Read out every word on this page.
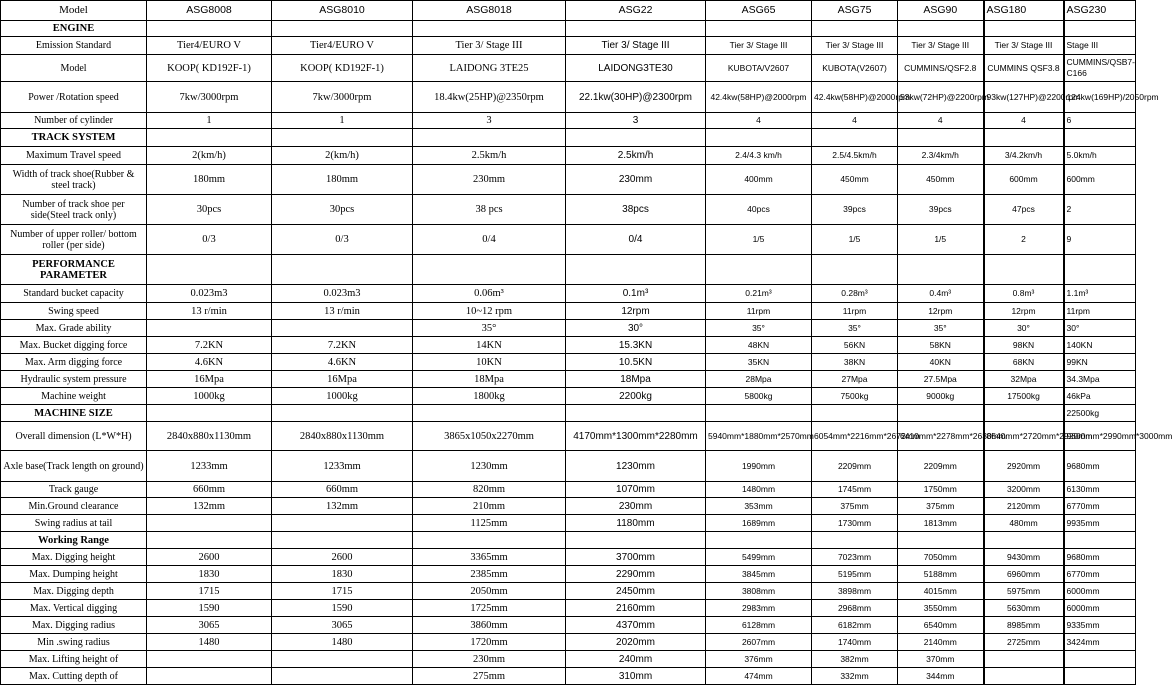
Model	ASG8008	ASG8010	ASG8018	ASG22	ASG65	ASG75	ASG90	ASG180	ASG230
ENGINE									
Emission Standard	Tier4/EURO V	Tier4/EURO V	Tier 3/ Stage III	Tier 3/ Stage III	Tier 3/ Stage III	Tier 3/ Stage III	Tier 3/ Stage III	Tier 3/ Stage III	Stage III
Model	KOOP( KD192F-1)	KOOP( KD192F-1)	LAIDONG 3TE25	LAIDONG3TE30	KUBOTA/V2607	KUBOTA(V2607)	CUMMINS/QSF2.8	CUMMINS QSF3.8	CUMMINS/QSB7-C166
Power /Rotation speed	7kw/3000rpm	7kw/3000rpm	18.4kw(25HP)@2350rpm	22.1kw(30HP)@2300rpm	42.4kw(58HP)@2000rpm	42.4kw(58HP)@2000rpm	53kw(72HP)@2200rpm	93kw(127HP)@2200rpm	124kw(169HP)/2050rpm
Number of cylinder	1	1	3	3	4	4	4	4	6
TRACK SYSTEM									
Maximum Travel speed	2(km/h)	2(km/h)	2.5km/h	2.5km/h	2.4/4.3 km/h	2.5/4.5km/h	2.3/4km/h	3/4.2km/h	5.0km/h
Width of track shoe(Rubber & steel track)	180mm	180mm	230mm	230mm	400mm	450mm	450mm	600mm	600mm
Number of track shoe per side(Steel track only)	30pcs	30pcs	38 pcs	38pcs	40pcs	39pcs	39pcs	47pcs	2
Number of upper roller/ bottom roller (per side)	0/3	0/3	0/4	0/4	1/5	1/5	1/5	2	9
PERFORMANCE PARAMETER									
Standard bucket capacity	0.023m3	0.023m3	0.06m³	0.1m³	0.21m³	0.28m³	0.4m³	0.8m³	1.1m³
Swing speed	13 r/min	13 r/min	10~12 rpm	12rpm	11rpm	11rpm	12rpm	12rpm	11rpm
Max. Grade ability			35°	30°	35°	35°	35°	30°	30°
Max. Bucket digging force	7.2KN	7.2KN	14KN	15.3KN	48KN	56KN	58KN	98KN	140KN
Max. Arm digging force	4.6KN	4.6KN	10KN	10.5KN	35KN	38KN	40KN	68KN	99KN
Hydraulic system pressure	16Mpa	16Mpa	18Mpa	18Mpa	28Mpa	27Mpa	27.5Mpa	32Mpa	34.3Mpa
Machine weight	1000kg	1000kg	1800kg	2200kg	5800kg	7500kg	9000kg	17500kg	46kPa
MACHINE SIZE									22500kg
Overall dimension (L*W*H)	2840x880x1130mm	2840x880x1130mm	3865x1050x2270mm	4170mm*1300mm*2280mm	5940mm*1880mm*2570mm	6054mm*2216mm*2672mm	6410mm*2278mm*2630mm	8540mm*2720mm*2920mm	9600mm*2990mm*3000mm
Axle base(Track length on ground)	1233mm	1233mm	1230mm	1230mm	1990mm	2209mm	2209mm	2920mm	9680mm
Track gauge	660mm	660mm	820mm	1070mm	1480mm	1745mm	1750mm	3200mm	6130mm
Min.Ground clearance	132mm	132mm	210mm	230mm	353mm	375mm	375mm	2120mm	6770mm
Swing radius at tail			1125mm	1180mm	1689mm	1730mm	1813mm	480mm	9935mm
Working Range									
Max. Digging height	2600	2600	3365mm	3700mm	5499mm	7023mm	7050mm	9430mm	9680mm
Max. Dumping height	1830	1830	2385mm	2290mm	3845mm	5195mm	5188mm	6960mm	6770mm
Max. Digging depth	1715	1715	2050mm	2450mm	3808mm	3898mm	4015mm	5975mm	6000mm
Max. Vertical digging	1590	1590	1725mm	2160mm	2983mm	2968mm	3550mm	5630mm	6000mm
Max. Digging radius	3065	3065	3860mm	4370mm	6128mm	6182mm	6540mm	8985mm	9335mm
Min .swing radius	1480	1480	1720mm	2020mm	2607mm	1740mm	2140mm	2725mm	3424mm
Max. Lifting height of			230mm	240mm	376mm	382mm	370mm		
Max. Cutting depth of			275mm	310mm	474mm	332mm	344mm		
